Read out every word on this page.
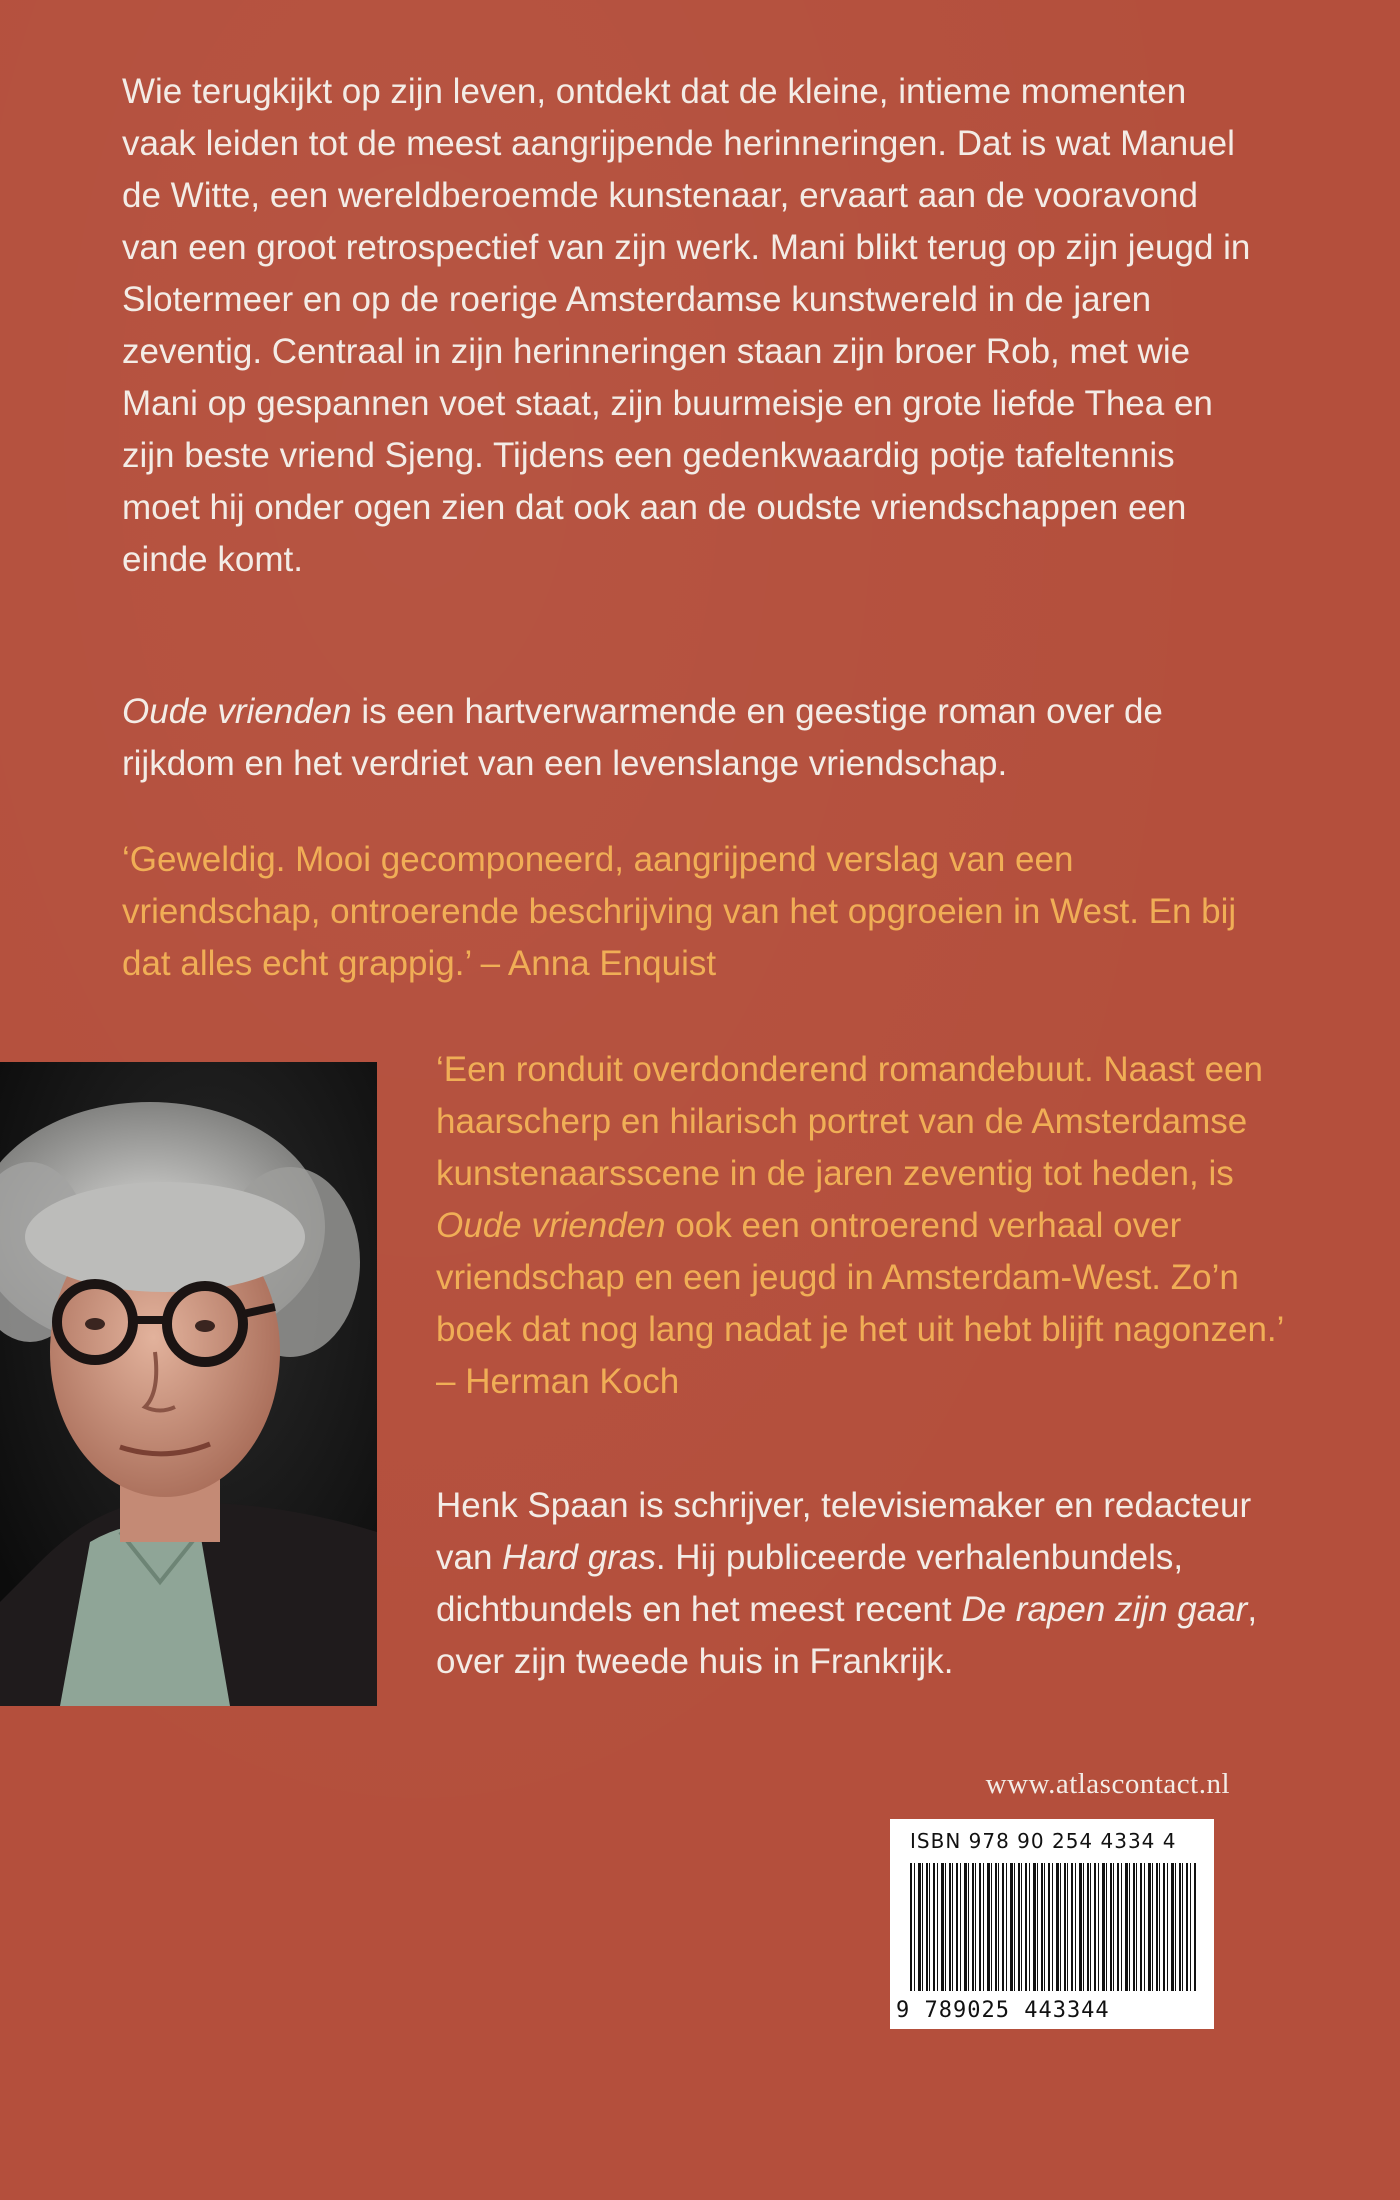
Wie terugkijkt op zijn leven, ontdekt dat de kleine, intieme momenten vaak leiden tot de meest aangrijpende herinneringen. Dat is wat Manuel de Witte, een wereldberoemde kunstenaar, ervaart aan de vooravond van een groot retrospectief van zijn werk. Mani blikt terug op zijn jeugd in Slotermeer en op de roerige Amsterdamse kunstwereld in de jaren zeventig. Centraal in zijn herinneringen staan zijn broer Rob, met wie Mani op gespannen voet staat, zijn buurmeisje en grote liefde Thea en zijn beste vriend Sjeng. Tijdens een gedenkwaardig potje tafeltennis moet hij onder ogen zien dat ook aan de oudste vriendschappen een einde komt.

Oude vrienden is een hartverwarmende en geestige roman over de rijkdom en het verdriet van een levenslange vriendschap.

‘Geweldig. Mooi gecomponeerd, aangrijpend verslag van een vriendschap, ontroerende beschrijving van het opgroeien in West. En bij dat alles echt grappig.’ – Anna Enquist

‘Een ronduit overdonderend romandebuut. Naast een haarscherp en hilarisch portret van de Amsterdamse kunstenaarsscene in de jaren zeventig tot heden, is Oude vrienden ook een ontroerend verhaal over vriendschap en een jeugd in Amsterdam-West. Zo’n boek dat nog lang nadat je het uit hebt blijft nagonzen.’ – Herman Koch

Henk Spaan is schrijver, televisiemaker en redacteur van Hard gras. Hij publiceerde verhalenbundels, dichtbundels en het meest recent De rapen zijn gaar, over zijn tweede huis in Frankrijk.

www.atlascontact.nl
ISBN 978 90 254 4334 4
9 789025 443344
